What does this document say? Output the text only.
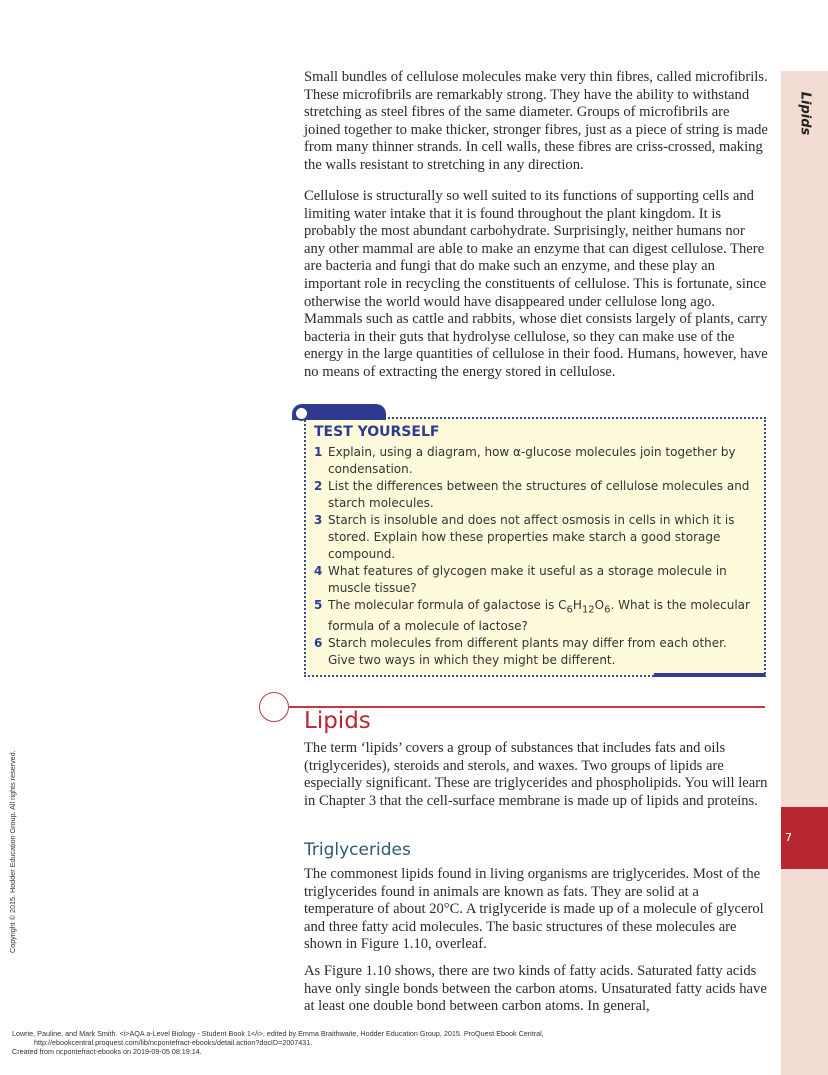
Lipids
7

Small bundles of cellulose molecules make very thin fibres, called microfibrils. These microfibrils are remarkably strong. They have the ability to withstand stretching as steel fibres of the same diameter. Groups of microfibrils are joined together to make thicker, stronger fibres, just as a piece of string is made from many thinner strands. In cell walls, these fibres are criss-crossed, making the walls resistant to stretching in any direction.

Cellulose is structurally so well suited to its functions of supporting cells and limiting water intake that it is found throughout the plant kingdom. It is probably the most abundant carbohydrate. Surprisingly, neither humans nor any other mammal are able to make an enzyme that can digest cellulose. There are bacteria and fungi that do make such an enzyme, and these play an important role in recycling the constituents of cellulose. This is fortunate, since otherwise the world would have disappeared under cellulose long ago. Mammals such as cattle and rabbits, whose diet consists largely of plants, carry bacteria in their guts that hydrolyse cellulose, so they can make use of the energy in the large quantities of cellulose in their food. Humans, however, have no means of extracting the energy stored in cellulose.

TEST YOURSELF
1 Explain, using a diagram, how α-glucose molecules join together by condensation.
2 List the differences between the structures of cellulose molecules and starch molecules.
3 Starch is insoluble and does not affect osmosis in cells in which it is stored. Explain how these properties make starch a good storage compound.
4 What features of glycogen make it useful as a storage molecule in muscle tissue?
5 The molecular formula of galactose is $C_6H_{12}O_6$. What is the molecular formula of a molecule of lactose?
6 Starch molecules from different plants may differ from each other. Give two ways in which they might be different.
Lipids

The term ‘lipids’ covers a group of substances that includes fats and oils (triglycerides), steroids and sterols, and waxes. Two groups of lipids are especially significant. These are triglycerides and phospholipids. You will learn in Chapter 3 that the cell-surface membrane is made up of lipids and proteins.

Triglycerides

The commonest lipids found in living organisms are triglycerides. Most of the triglycerides found in animals are known as fats. They are solid at a temperature of about 20°C. A triglyceride is made up of a molecule of glycerol and three fatty acid molecules. The basic structures of these molecules are shown in Figure 1.10, overleaf.

As Figure 1.10 shows, there are two kinds of fatty acids. Saturated fatty acids have only single bonds between the carbon atoms. Unsaturated fatty acids have at least one double bond between carbon atoms. In general,

Copyright © 2015. Hodder Education Group. All rights reserved.

Lowrie, Pauline, and Mark Smith. <i>AQA a-Level Biology - Student Book 1</i>, edited by Emma Braithwaite, Hodder Education Group, 2015. ProQuest Ebook Central,

http://ebookcentral.proquest.com/lib/ncpontefract-ebooks/detail.action?docID=2007431.

Created from ncpontefract-ebooks on 2019-09-05 08:19:14.
